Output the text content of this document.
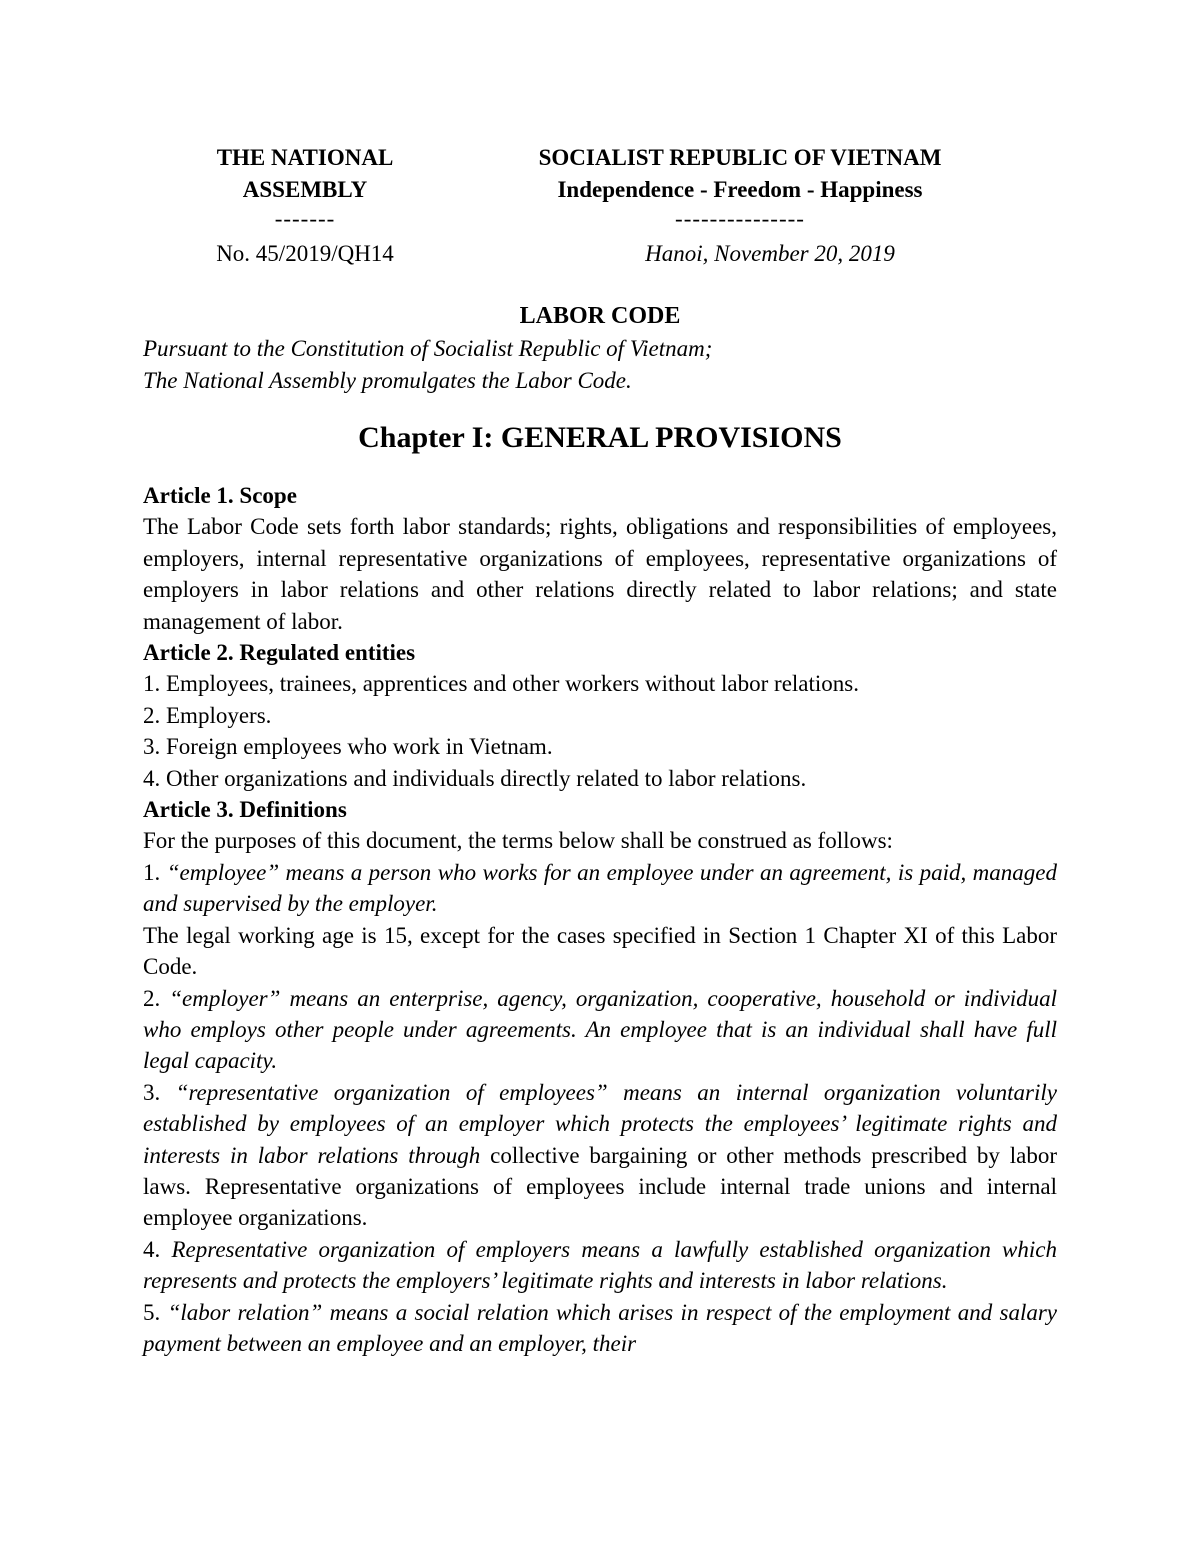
THE NATIONAL
ASSEMBLY
-------
SOCIALIST REPUBLIC OF VIETNAM
Independence - Freedom - Happiness
---------------
No. 45/2019/QH14	Hanoi, November 20, 2019
LABOR CODE
Pursuant to the Constitution of Socialist Republic of Vietnam;
The National Assembly promulgates the Labor Code.
Chapter I: GENERAL PROVISIONS

Article 1. Scope

The Labor Code sets forth labor standards; rights, obligations and responsibilities of employees, employers, internal representative organizations of employees, representative organizations of employers in labor relations and other relations directly related to labor relations; and state management of labor.

Article 2. Regulated entities

1. Employees, trainees, apprentices and other workers without labor relations.

2. Employers.

3. Foreign employees who work in Vietnam.

4. Other organizations and individuals directly related to labor relations.

Article 3. Definitions

For the purposes of this document, the terms below shall be construed as follows:

1. “employee” means a person who works for an employee under an agreement, is paid, managed and supervised by the employer.

The legal working age is 15, except for the cases specified in Section 1 Chapter XI of this Labor Code.

2. “employer” means an enterprise, agency, organization, cooperative, household or individual who employs other people under agreements. An employee that is an individual shall have full legal capacity.

3. “representative organization of employees” means an internal organization voluntarily established by employees of an employer which protects the employees’ legitimate rights and interests in labor relations through collective bargaining or other methods prescribed by labor laws. Representative organizations of employees include internal trade unions and internal employee organizations.

4. Representative organization of employers means a lawfully established organization which represents and protects the employers’ legitimate rights and interests in labor relations.

5. “labor relation” means a social relation which arises in respect of the employment and salary payment between an employee and an employer, their
